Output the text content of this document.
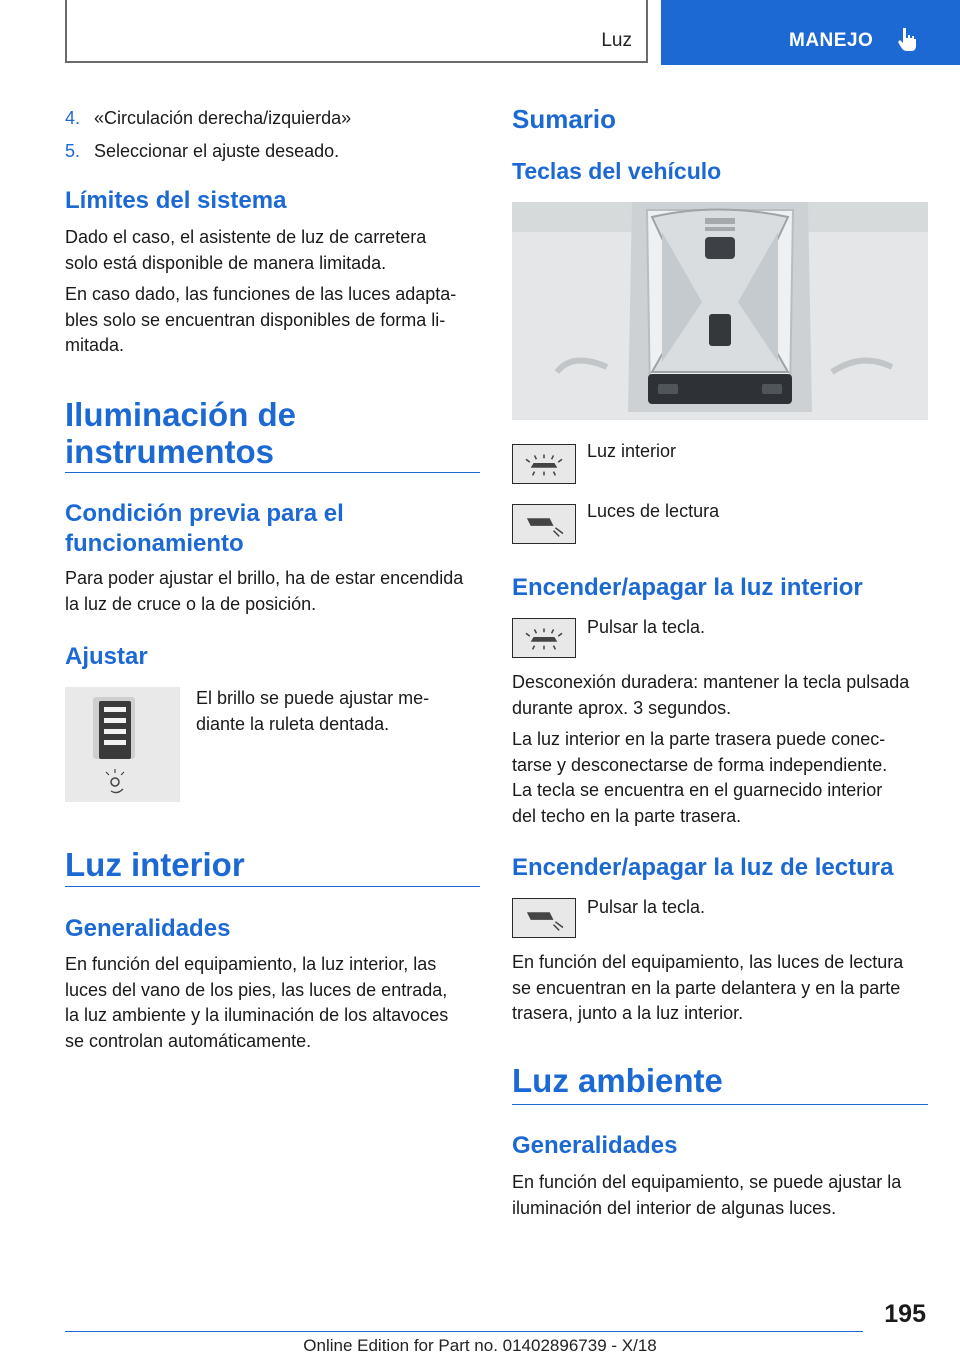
Luz	MANEJO
4. «Circulación derecha/izquierda»
5. Seleccionar el ajuste deseado.
Límites del sistema
Dado el caso, el asistente de luz de carretera
solo está disponible de manera limitada.
En caso dado, las funciones de las luces adapta‐
bles solo se encuentran disponibles de forma li‐
mitada.
Iluminación de
instrumentos
Condición previa para el
funcionamiento
Para poder ajustar el brillo, ha de estar encendida
la luz de cruce o la de posición.
Ajustar
El brillo se puede ajustar me‐
diante la ruleta dentada.
Luz interior
Generalidades
En función del equipamiento, la luz interior, las
luces del vano de los pies, las luces de entrada,
la luz ambiente y la iluminación de los altavoces
se controlan automáticamente.
Sumario
Teclas del vehículo
Luz interior
Luces de lectura
Encender/apagar la luz interior
Pulsar la tecla.
Desconexión duradera: mantener la tecla pulsada
durante aprox. 3 segundos.
La luz interior en la parte trasera puede conec‐
tarse y desconectarse de forma independiente.
La tecla se encuentra en el guarnecido interior
del techo en la parte trasera.
Encender/apagar la luz de lectura
Pulsar la tecla.
En función del equipamiento, las luces de lectura
se encuentran en la parte delantera y en la parte
trasera, junto a la luz interior.
Luz ambiente
Generalidades
En función del equipamiento, se puede ajustar la
iluminación del interior de algunas luces.
195
Online Edition for Part no. 01402896739 - X/18
